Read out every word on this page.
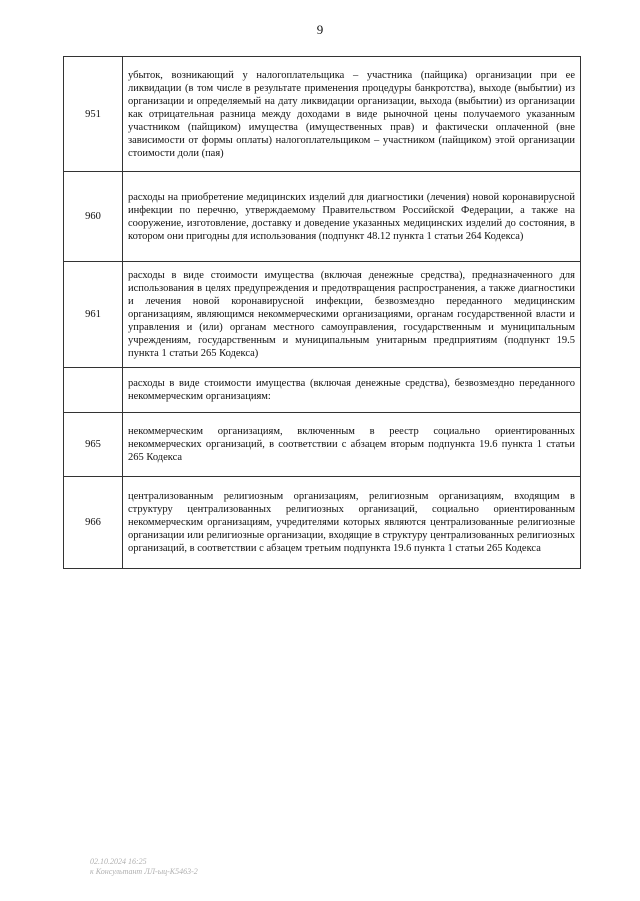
9
951	убыток, возникающий у налогоплательщика – участника (пайщика) организации при ее ликвидации (в том числе в результате применения процедуры банкротства), выходе (выбытии) из организации и определяемый на дату ликвидации организации, выхода (выбытии) из организации как отрицательная разница между доходами в виде рыночной цены получаемого указанным участником (пайщиком) имущества (имущественных прав) и фактически оплаченной (вне зависимости от формы оплаты) налогоплательщиком – участником (пайщиком) этой организации стоимости доли (пая)
960	расходы на приобретение медицинских изделий для диагностики (лечения) новой коронавирусной инфекции по перечню, утверждаемому Правительством Российской Федерации, а также на сооружение, изготовление, доставку и доведение указанных медицинских изделий до состояния, в котором они пригодны для использования (подпункт 48.12 пункта 1 статьи 264 Кодекса)
961	расходы в виде стоимости имущества (включая денежные средства), предназначенного для использования в целях предупреждения и предотвращения распространения, а также диагностики и лечения новой коронавирусной инфекции, безвозмездно переданного медицинским организациям, являющимся некоммерческими организациями, органам государственной власти и управления и (или) органам местного самоуправления, государственным и муниципальным учреждениям, государственным и муниципальным унитарным предприятиям (подпункт 19.5 пункта 1 статьи 265 Кодекса)
	расходы в виде стоимости имущества (включая денежные средства), безвозмездно переданного некоммерческим организациям:
965	некоммерческим организациям, включенным в реестр социально ориентированных некоммерческих организаций, в соответствии с абзацем вторым подпункта 19.6 пункта 1 статьи 265 Кодекса
966	централизованным религиозным организациям, религиозным организациям, входящим в структуру централизованных религиозных организаций, социально ориентированным некоммерческим организациям, учредителями которых являются централизованные религиозные организации или религиозные организации, входящие в структуру централизованных религиозных организаций, в соответствии с абзацем третьим подпункта 19.6 пункта 1 статьи 265 Кодекса
02.10.2024 16:25
к Консультант ЛЛ-ыц-К5463-2
